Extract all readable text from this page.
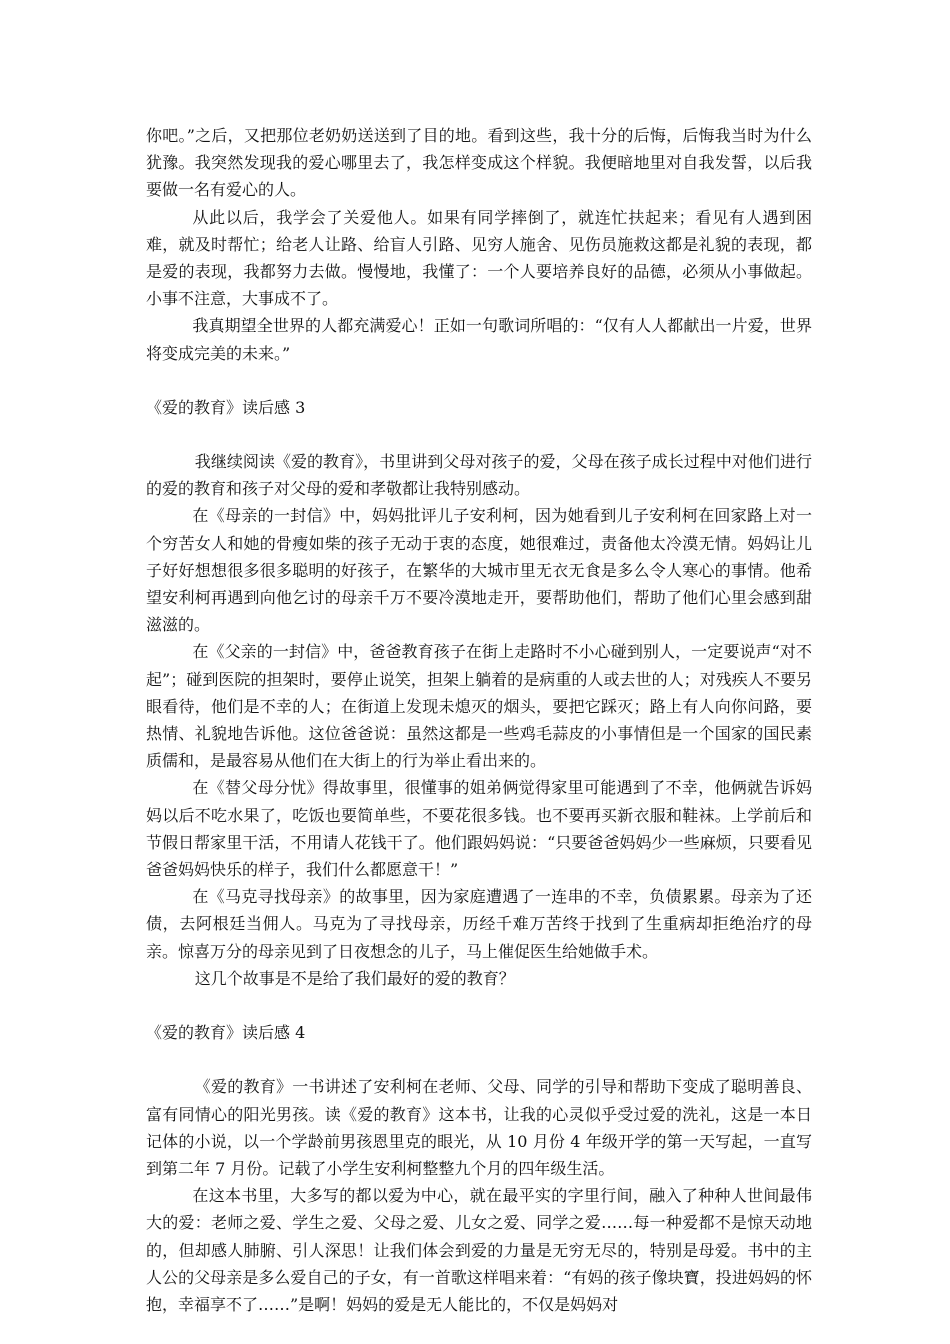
你吧。”之后，又把那位老奶奶送送到了目的地。看到这些，我十分的后悔，后悔我当时为什么犹豫。我突然发现我的爱心哪里去了，我怎样变成这个样貌。我便暗地里对自我发誓，以后我要做一名有爱心的人。

从此以后，我学会了关爱他人。如果有同学摔倒了，就连忙扶起来；看见有人遇到困难，就及时帮忙；给老人让路、给盲人引路、见穷人施舍、见伤员施救这都是礼貌的表现，都是爱的表现，我都努力去做。慢慢地，我懂了：一个人要培养良好的品德，必须从小事做起。小事不注意，大事成不了。

我真期望全世界的人都充满爱心！正如一句歌词所唱的：“仅有人人都献出一片爱，世界将变成完美的未来。”

《爱的教育》读后感 3

我继续阅读《爱的教育》，书里讲到父母对孩子的爱，父母在孩子成长过程中对他们进行的爱的教育和孩子对父母的爱和孝敬都让我特别感动。

在《母亲的一封信》中，妈妈批评儿子安利柯，因为她看到儿子安利柯在回家路上对一个穷苦女人和她的骨瘦如柴的孩子无动于衷的态度，她很难过，责备他太冷漠无情。妈妈让儿子好好想想很多很多聪明的好孩子，在繁华的大城市里无衣无食是多么令人寒心的事情。他希望安利柯再遇到向他乞讨的母亲千万不要冷漠地走开，要帮助他们，帮助了他们心里会感到甜滋滋的。

在《父亲的一封信》中，爸爸教育孩子在街上走路时不小心碰到别人，一定要说声“对不起”；碰到医院的担架时，要停止说笑，担架上躺着的是病重的人或去世的人；对残疾人不要另眼看待，他们是不幸的人；在街道上发现未熄灭的烟头，要把它踩灭；路上有人向你问路，要热情、礼貌地告诉他。这位爸爸说：虽然这都是一些鸡毛蒜皮的小事情但是一个国家的国民素质儒和，是最容易从他们在大街上的行为举止看出来的。

在《替父母分忧》得故事里，很懂事的姐弟俩觉得家里可能遇到了不幸，他俩就告诉妈妈以后不吃水果了，吃饭也要简单些，不要花很多钱。也不要再买新衣服和鞋袜。上学前后和节假日帮家里干活，不用请人花钱干了。他们跟妈妈说：“只要爸爸妈妈少一些麻烦，只要看见爸爸妈妈快乐的样子，我们什么都愿意干！”

在《马克寻找母亲》的故事里，因为家庭遭遇了一连串的不幸，负债累累。母亲为了还债，去阿根廷当佣人。马克为了寻找母亲，历经千难万苦终于找到了生重病却拒绝治疗的母亲。惊喜万分的母亲见到了日夜想念的儿子，马上催促医生给她做手术。

这几个故事是不是给了我们最好的爱的教育？

《爱的教育》读后感 4

《爱的教育》一书讲述了安利柯在老师、父母、同学的引导和帮助下变成了聪明善良、富有同情心的阳光男孩。读《爱的教育》这本书，让我的心灵似乎受过爱的洗礼，这是一本日记体的小说，以一个学龄前男孩恩里克的眼光，从 10 月份 4 年级开学的第一天写起，一直写到第二年 7 月份。记载了小学生安利柯整整九个月的四年级生活。

在这本书里，大多写的都以爱为中心，就在最平实的字里行间，融入了种种人世间最伟大的爱：老师之爱、学生之爱、父母之爱、儿女之爱、同学之爱……每一种爱都不是惊天动地的，但却感人肺腑、引人深思！让我们体会到爱的力量是无穷无尽的，特别是母爱。书中的主人公的父母亲是多么爱自己的子女，有一首歌这样唱来着：“有妈的孩子像块寶，投进妈妈的怀抱，幸福享不了……”是啊！妈妈的爱是无人能比的，不仅是妈妈对
